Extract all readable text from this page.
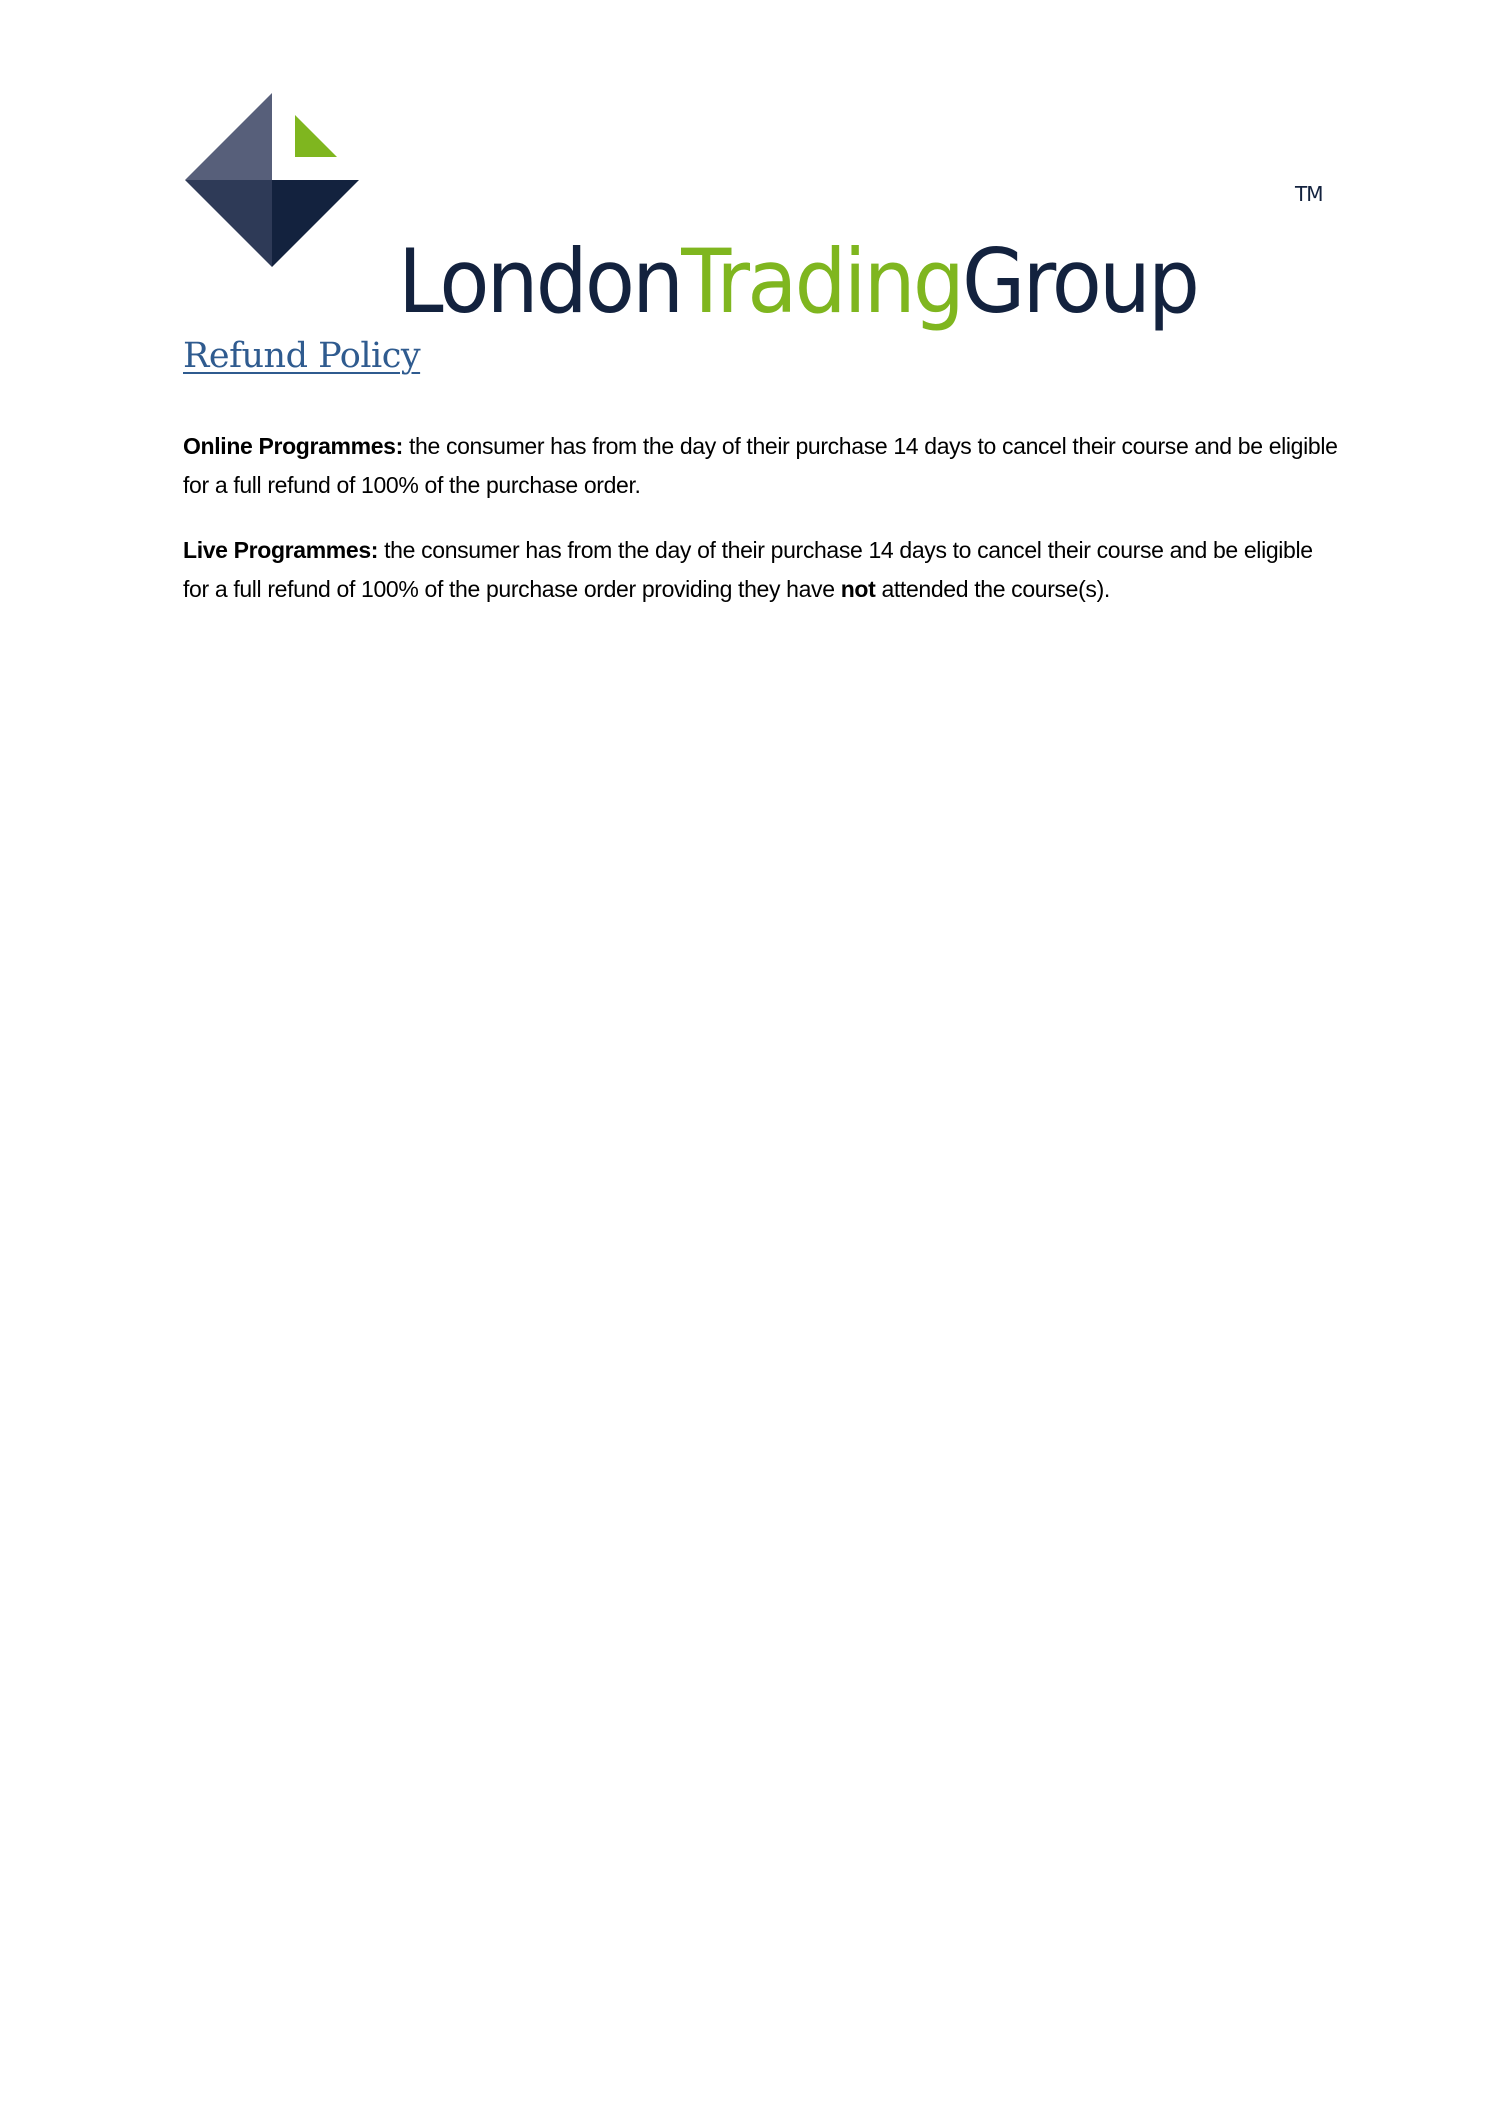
LondonTradingGroup
TM
Refund Policy

Online Programmes: the consumer has from the day of their purchase 14 days to cancel their course and be eligible for a full refund of 100% of the purchase order.

Live Programmes: the consumer has from the day of their purchase 14 days to cancel their course and be eligible for a full refund of 100% of the purchase order providing they have not attended the course(s).
